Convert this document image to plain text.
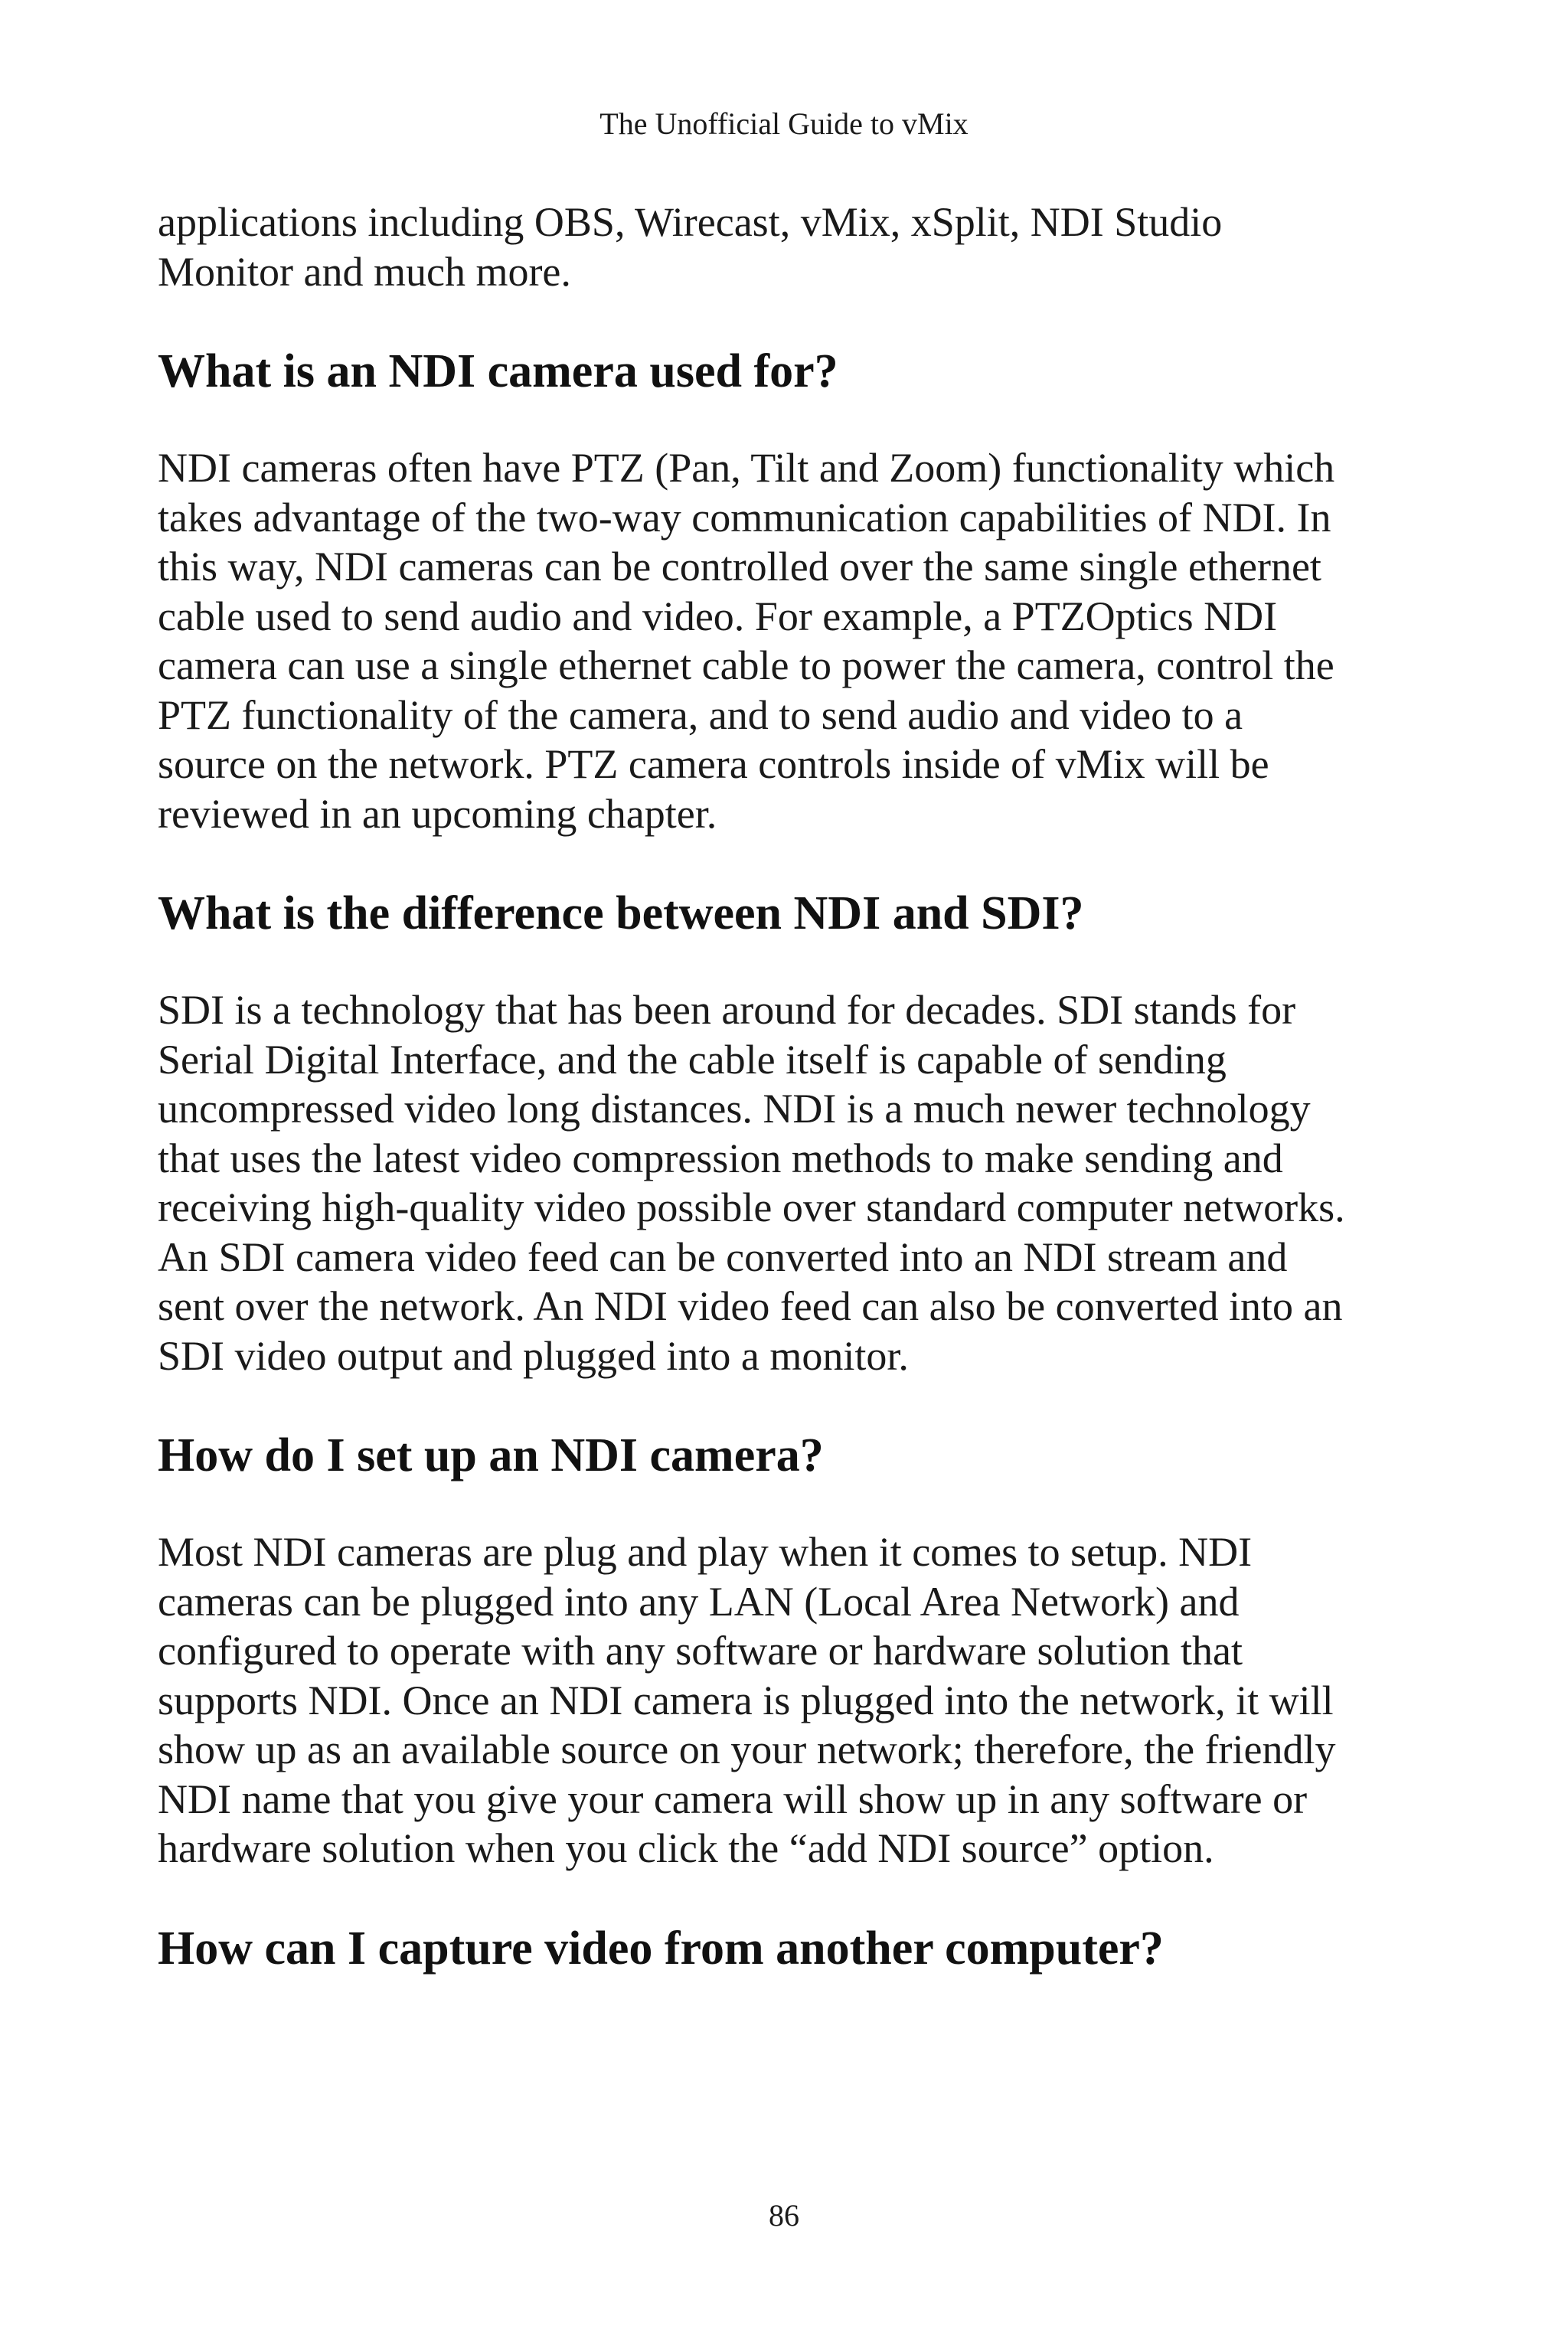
The Unofficial Guide to vMix

applications including OBS, Wirecast, vMix, xSplit, NDI Studio Monitor and much more.

What is an NDI camera used for?

NDI cameras often have PTZ (Pan, Tilt and Zoom) functionality which takes advantage of the two-way communication capabilities of NDI. In this way, NDI cameras can be controlled over the same single ethernet cable used to send audio and video. For example, a PTZOptics NDI camera can use a single ethernet cable to power the camera, control the PTZ functionality of the camera, and to send audio and video to a source on the network. PTZ camera controls inside of vMix will be reviewed in an upcoming chapter.

What is the difference between NDI and SDI?

SDI is a technology that has been around for decades. SDI stands for Serial Digital Interface, and the cable itself is capable of sending uncompressed video long distances. NDI is a much newer technology that uses the latest video compression methods to make sending and receiving high-quality video possible over standard computer networks. An SDI camera video feed can be converted into an NDI stream and sent over the network. An NDI video feed can also be converted into an SDI video output and plugged into a monitor.

How do I set up an NDI camera?

Most NDI cameras are plug and play when it comes to setup. NDI cameras can be plugged into any LAN (Local Area Network) and configured to operate with any software or hardware solution that supports NDI. Once an NDI camera is plugged into the network, it will show up as an available source on your network; therefore, the friendly NDI name that you give your camera will show up in any software or hardware solution when you click the “add NDI source” option.

How can I capture video from another computer?
86
